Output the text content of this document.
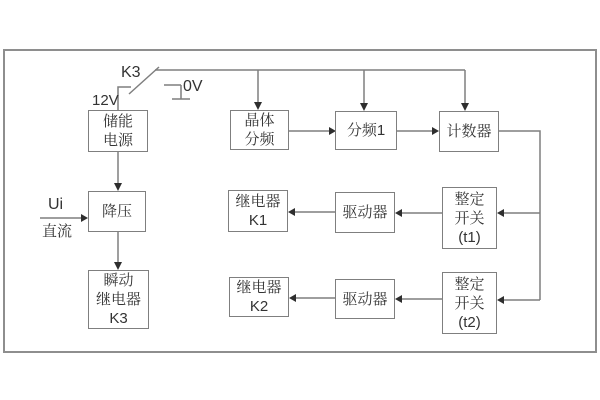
K3
12V
0V
Ui
直流
储能
电源
降压
瞬动
继电器
K3
晶体
分频
分频1	计数器
继电器
K1	驱动器
整定
开关
(t1)
继电器
K2	驱动器
整定
开关
(t2)
